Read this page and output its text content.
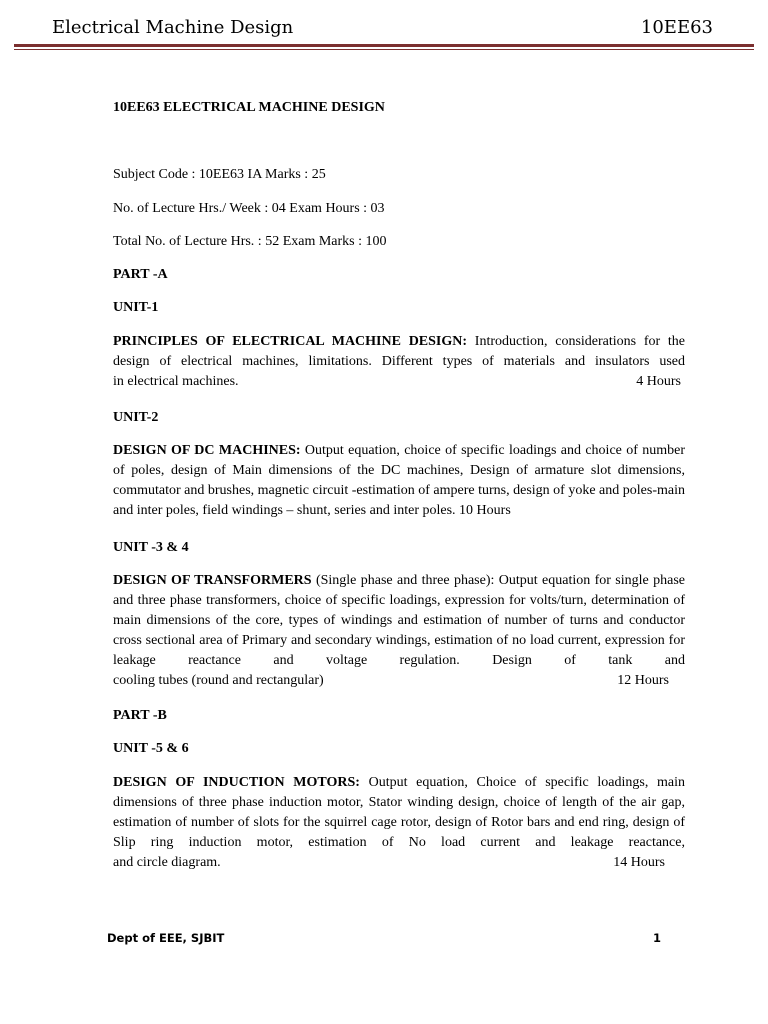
Electrical Machine Design	10EE63
10EE63 ELECTRICAL MACHINE DESIGN
Subject Code : 10EE63 IA Marks : 25
No. of Lecture Hrs./ Week : 04 Exam Hours : 03
Total No. of Lecture Hrs. : 52 Exam Marks : 100
PART -A
UNIT-1
PRINCIPLES OF ELECTRICAL MACHINE DESIGN: Introduction, considerations for the design of electrical machines, limitations. Different types of materials and insulators used
in electrical machines.	4 Hours
UNIT-2
DESIGN OF DC MACHINES: Output equation, choice of specific loadings and choice of number of poles, design of Main dimensions of the DC machines, Design of armature slot dimensions, commutator and brushes, magnetic circuit -estimation of ampere turns, design of yoke and poles-main and inter poles, field windings – shunt, series and inter poles. 10 Hours
UNIT -3 & 4
DESIGN OF TRANSFORMERS (Single phase and three phase): Output equation for single phase and three phase transformers, choice of specific loadings, expression for volts/turn, determination of main dimensions of the core, types of windings and estimation of number of turns and conductor cross sectional area of Primary and secondary windings, estimation of no load current, expression for leakage reactance and voltage regulation. Design of tank and
cooling tubes (round and rectangular)	12 Hours
PART -B
UNIT -5 & 6
DESIGN OF INDUCTION MOTORS: Output equation, Choice of specific loadings, main dimensions of three phase induction motor, Stator winding design, choice of length of the air gap, estimation of number of slots for the squirrel cage rotor, design of Rotor bars and end ring, design of Slip ring induction motor, estimation of No load current and leakage reactance,
and circle diagram.	14 Hours
Dept of EEE, SJBIT	1
